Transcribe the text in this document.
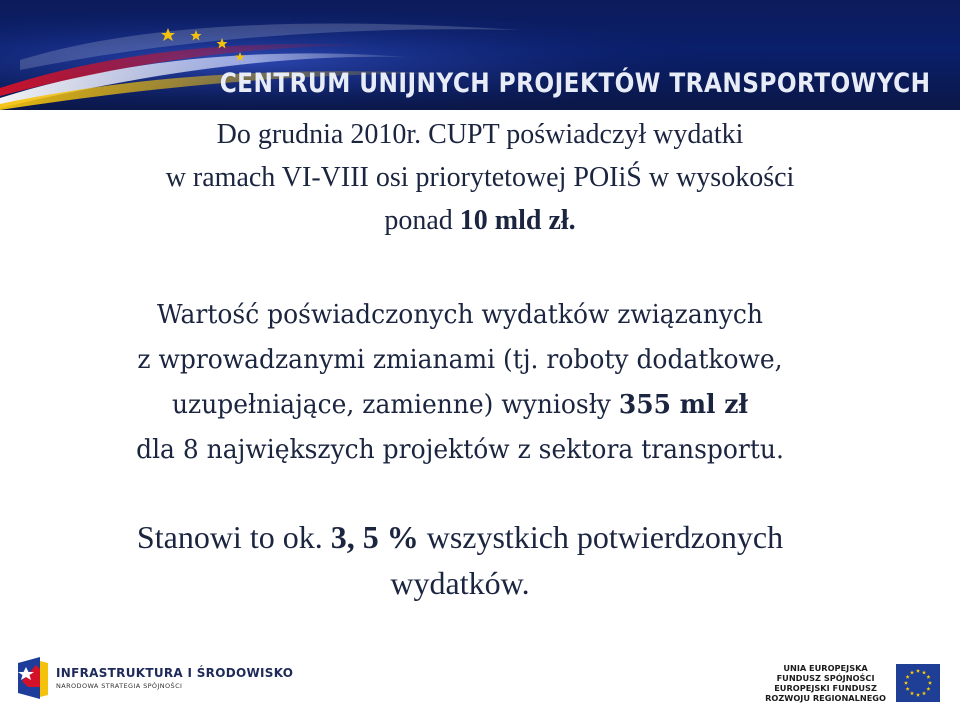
CENTRUM UNIJNYCH PROJEKTÓW TRANSPORTOWYCH
Do grudnia 2010r. CUPT poświadczył wydatki
w ramach VI-VIII osi priorytetowej POIiŚ w wysokości
ponad 10 mld zł.
Wartość poświadczonych wydatków związanych
z wprowadzanymi zmianami (tj. roboty dodatkowe,
uzupełniające, zamienne) wyniosły 355 ml zł
dla 8 największych projektów z sektora transportu.
Stanowi to ok. 3, 5 % wszystkich potwierdzonych
wydatków.
INFRASTRUKTURA I ŚRODOWISKO
NARODOWA STRATEGIA SPÓJNOŚCI
UNIA EUROPEJSKA
FUNDUSZ SPÓJNOŚCI
EUROPEJSKI FUNDUSZ
ROZWOJU REGIONALNEGO
